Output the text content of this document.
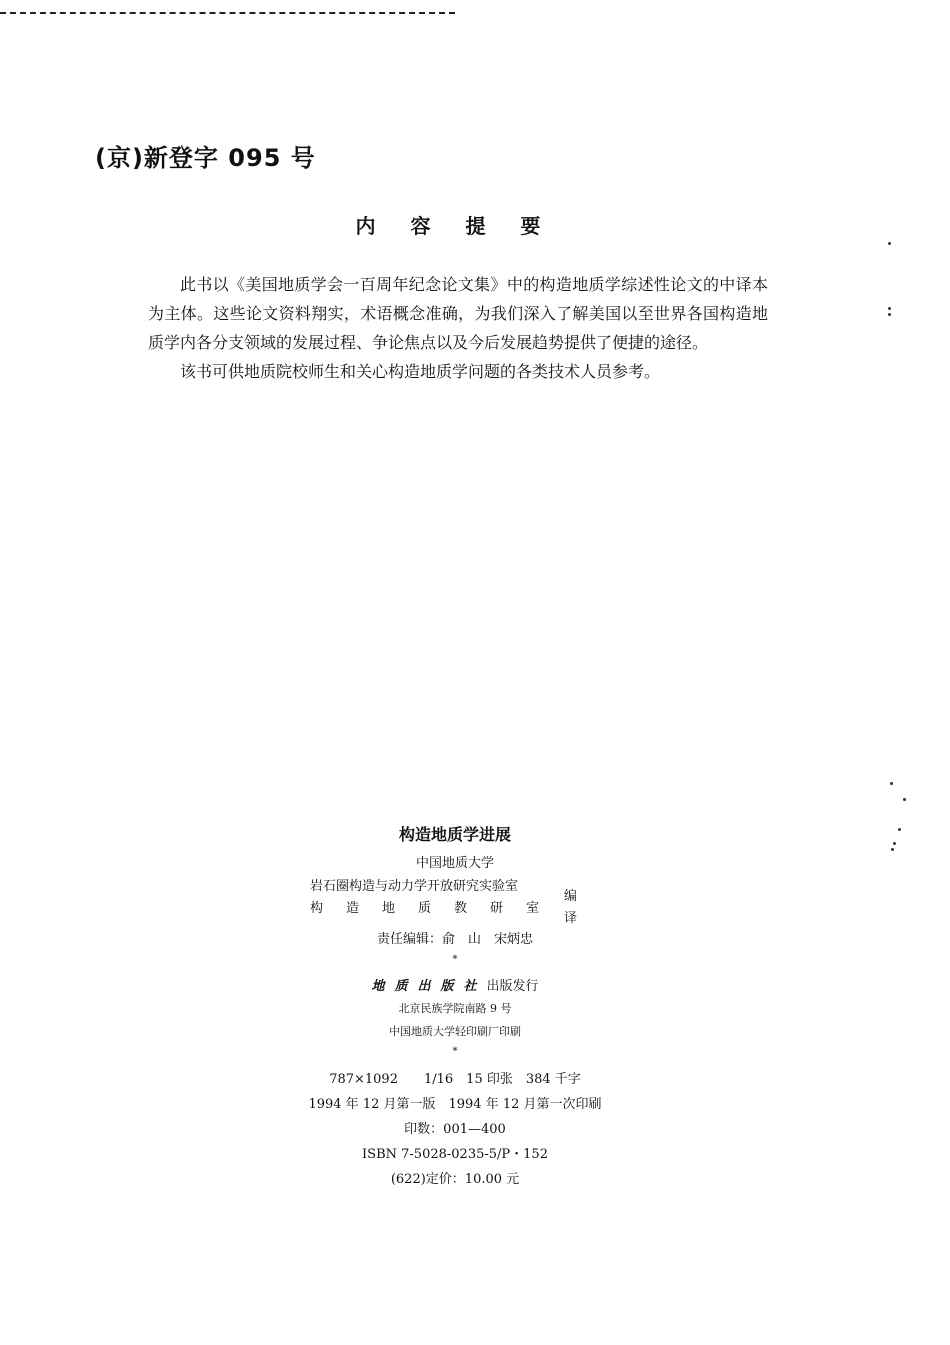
(京)新登字 095 号
内 容 提 要

此书以《美国地质学会一百周年纪念论文集》中的构造地质学综述性论文的中译本为主体。这些论文资料翔实，术语概念准确，为我们深入了解美国以至世界各国构造地质学内各分支领域的发展过程、争论焦点以及今后发展趋势提供了便捷的途径。

该书可供地质院校师生和关心构造地质学问题的各类技术人员参考。

构造地质学进展
中国地质大学
岩石圈构造与动力学开放研究实验室
构造地质教研室
编译
责任编辑：俞　山　宋炳忠
*
地质出版社出版发行
北京民族学院南路 9 号
中国地质大学轻印刷厂印刷
*
787×1092　　1/16　15 印张　384 千字
1994 年 12 月第一版　1994 年 12 月第一次印刷
印数：001—400
ISBN 7-5028-0235-5/P・152
(622)定价：10.00 元
